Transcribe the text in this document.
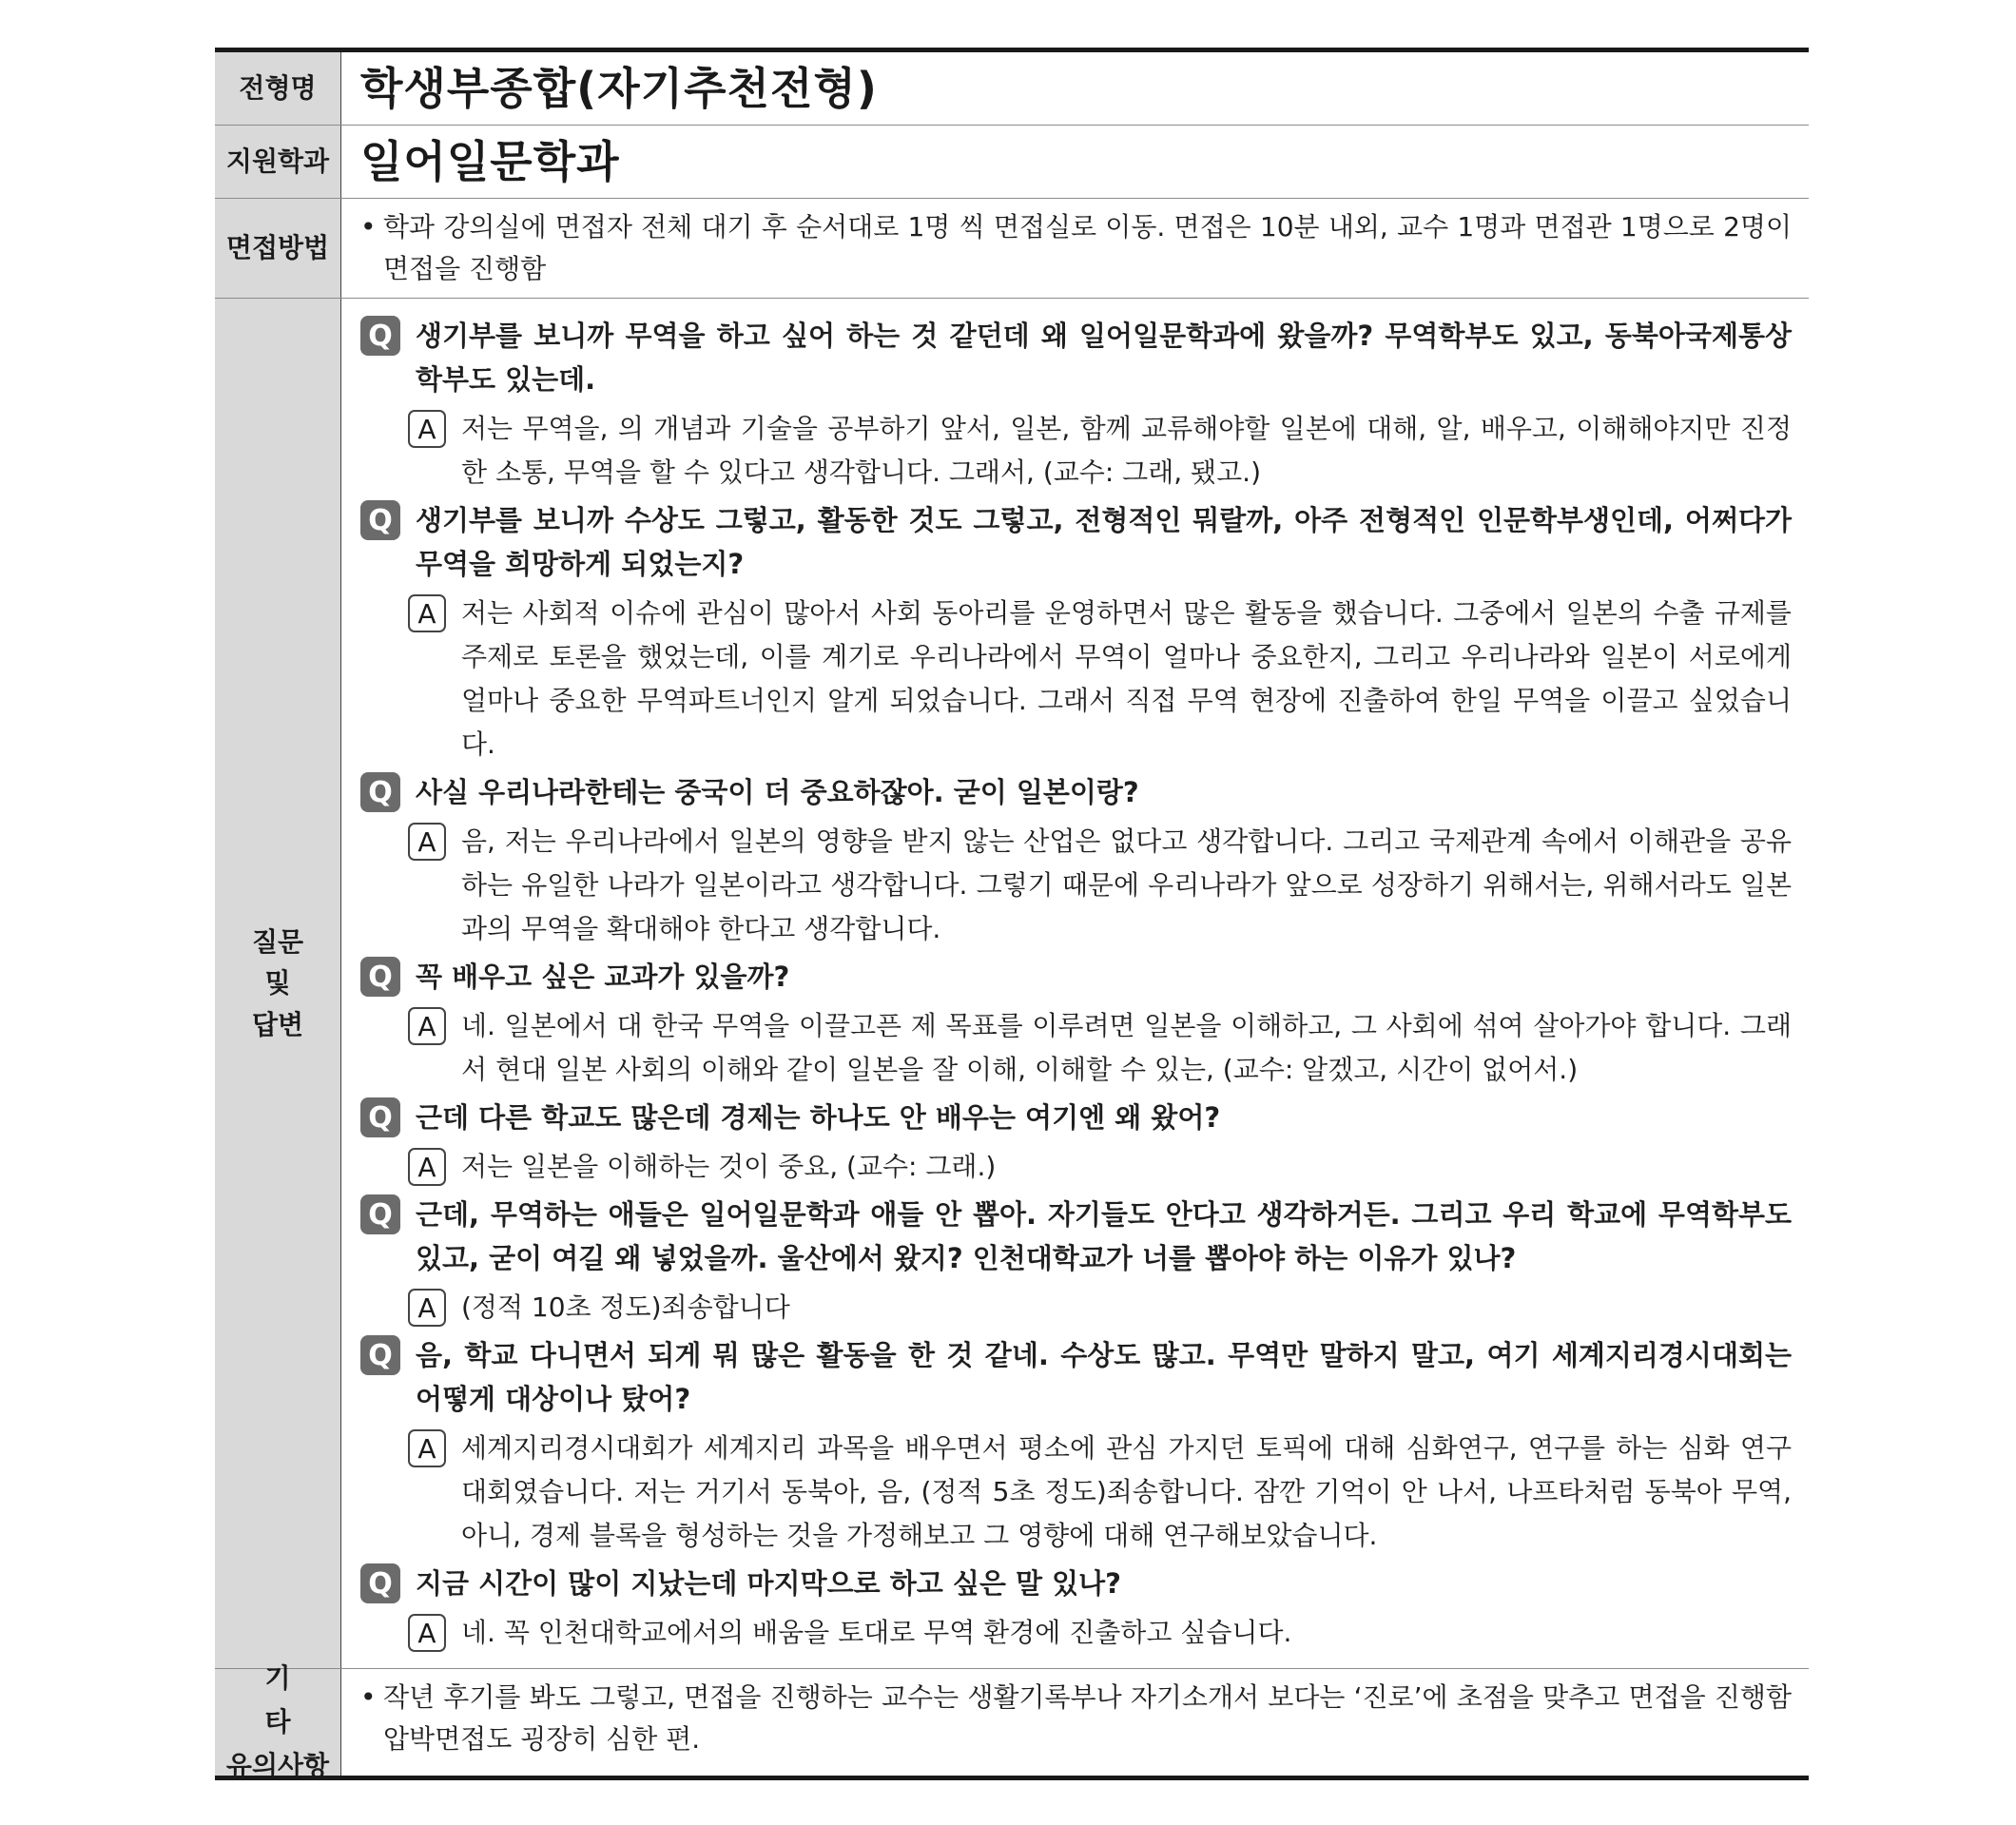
전형명	학생부종합(자기추천전형)
지원학과 일어일문학과
면접방법
• 학과 강의실에 면접자 전체 대기 후 순서대로 1명 씩 면접실로 이동. 면접은 10분 내외, 교수 1명과 면접관 1명으로 2명이 면접을 진행함
질문
및
답변
Q 생기부를 보니까 무역을 하고 싶어 하는 것 같던데 왜 일어일문학과에 왔을까? 무역학부도 있고, 동북아국제통상학부도 있는데.
A 저는 무역을, 의 개념과 기술을 공부하기 앞서, 일본, 함께 교류해야할 일본에 대해, 알, 배우고, 이해해야지만 진정한 소통, 무역을 할 수 있다고 생각합니다. 그래서, (교수: 그래, 됐고.)
Q 생기부를 보니까 수상도 그렇고, 활동한 것도 그렇고, 전형적인 뭐랄까, 아주 전형적인 인문학부생인데, 어쩌다가 무역을 희망하게 되었는지?
A 저는 사회적 이슈에 관심이 많아서 사회 동아리를 운영하면서 많은 활동을 했습니다. 그중에서 일본의 수출 규제를 주제로 토론을 했었는데, 이를 계기로 우리나라에서 무역이 얼마나 중요한지, 그리고 우리나라와 일본이 서로에게 얼마나 중요한 무역파트너인지 알게 되었습니다. 그래서 직접 무역 현장에 진출하여 한일 무역을 이끌고 싶었습니다.
Q 사실 우리나라한테는 중국이 더 중요하잖아. 굳이 일본이랑?
A 음, 저는 우리나라에서 일본의 영향을 받지 않는 산업은 없다고 생각합니다. 그리고 국제관계 속에서 이해관을 공유하는 유일한 나라가 일본이라고 생각합니다. 그렇기 때문에 우리나라가 앞으로 성장하기 위해서는, 위해서라도 일본과의 무역을 확대해야 한다고 생각합니다.
Q 꼭 배우고 싶은 교과가 있을까?
A 네. 일본에서 대 한국 무역을 이끌고픈 제 목표를 이루려면 일본을 이해하고, 그 사회에 섞여 살아가야 합니다. 그래서 현대 일본 사회의 이해와 같이 일본을 잘 이해, 이해할 수 있는, (교수: 알겠고, 시간이 없어서.)
Q 근데 다른 학교도 많은데 경제는 하나도 안 배우는 여기엔 왜 왔어?
A 저는 일본을 이해하는 것이 중요, (교수: 그래.)
Q 근데, 무역하는 애들은 일어일문학과 애들 안 뽑아. 자기들도 안다고 생각하거든. 그리고 우리 학교에 무역학부도 있고, 굳이 여길 왜 넣었을까. 울산에서 왔지? 인천대학교가 너를 뽑아야 하는 이유가 있나?
A (정적 10초 정도)죄송합니다
Q 음, 학교 다니면서 되게 뭐 많은 활동을 한 것 같네. 수상도 많고. 무역만 말하지 말고, 여기 세계지리경시대회는 어떻게 대상이나 탔어?
A 세계지리경시대회가 세계지리 과목을 배우면서 평소에 관심 가지던 토픽에 대해 심화연구, 연구를 하는 심화 연구 대회였습니다. 저는 거기서 동북아, 음, (정적 5초 정도)죄송합니다. 잠깐 기억이 안 나서, 나프타처럼 동북아 무역, 아니, 경제 블록을 형성하는 것을 가정해보고 그 영향에 대해 연구해보았습니다.
Q 지금 시간이 많이 지났는데 마지막으로 하고 싶은 말 있나?
A 네. 꼭 인천대학교에서의 배움을 토대로 무역 환경에 진출하고 싶습니다.
기타
유의사항
• 작년 후기를 봐도 그렇고, 면접을 진행하는 교수는 생활기록부나 자기소개서 보다는 ‘진로’에 초점을 맞추고 면접을 진행함 압박면접도 굉장히 심한 편.
